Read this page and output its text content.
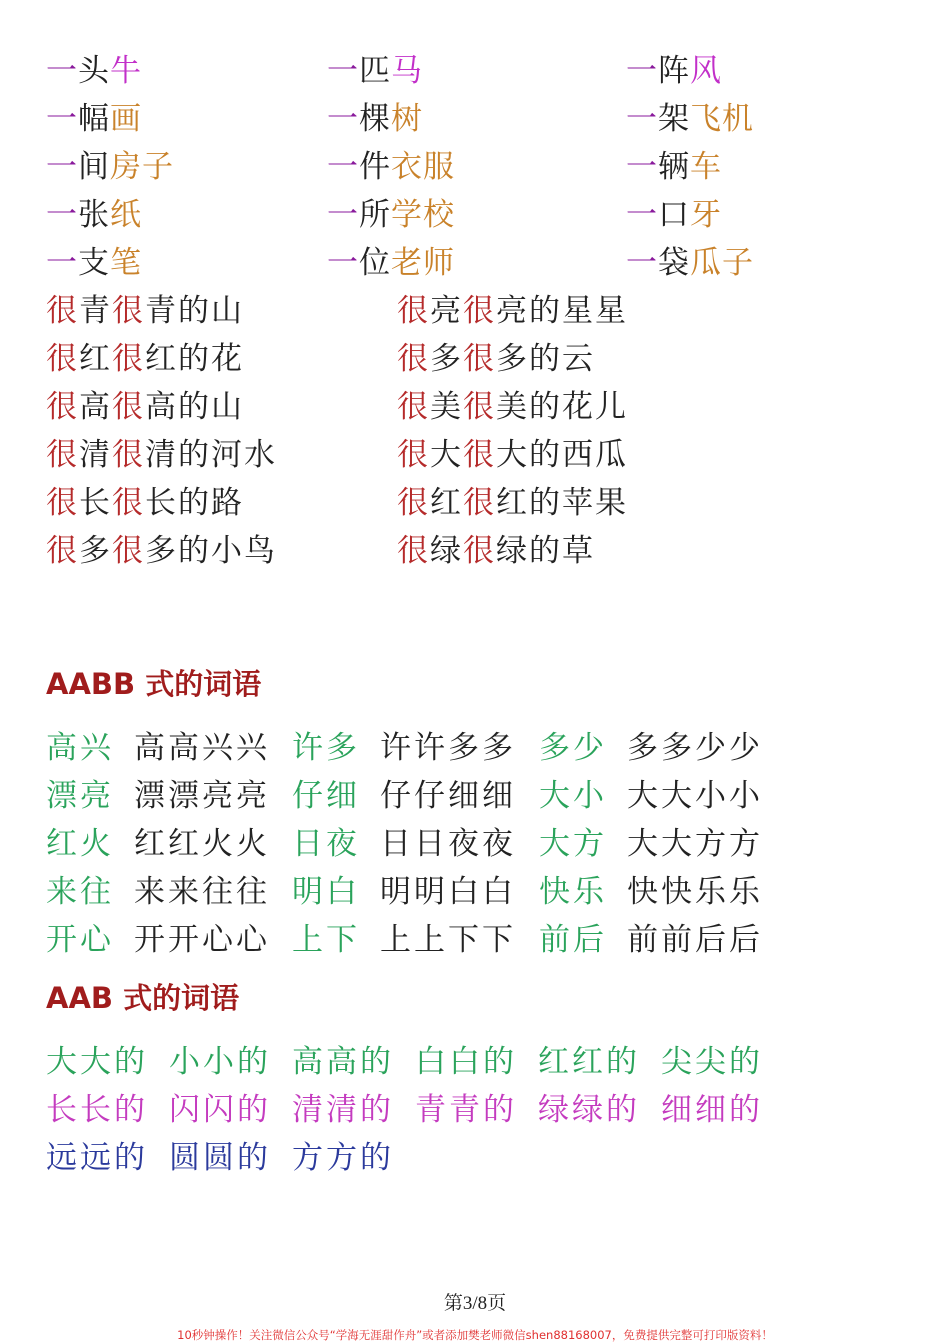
一头牛	一匹马	一阵风
一幅画	一棵树	一架飞机
一间房子	一件衣服	一辆车
一张纸	一所学校	一口牙
一支笔	一位老师	一袋瓜子
很青很青的山	很亮很亮的星星
很红很红的花	很多很多的云
很高很高的山	很美很美的花儿
很清很清的河水	很大很大的西瓜
很长很长的路	很红很红的苹果
很多很多的小鸟	很绿很绿的草
AABB 式的词语
高兴 高高兴兴 许多 许许多多 多少 多多少少
漂亮 漂漂亮亮 仔细 仔仔细细 大小 大大小小
红火 红红火火 日夜 日日夜夜 大方 大大方方
来往 来来往往 明白 明明白白 快乐 快快乐乐
开心 开开心心 上下 上上下下 前后 前前后后
AAB 式的词语
大大的 小小的 高高的 白白的 红红的 尖尖的
长长的 闪闪的 清清的 青青的 绿绿的 细细的
远远的 圆圆的 方方的
第3/8页
10秒钟操作！关注微信公众号“学海无涯甜作舟”或者添加樊老师微信shen88168007，免费提供完整可打印版资料！
